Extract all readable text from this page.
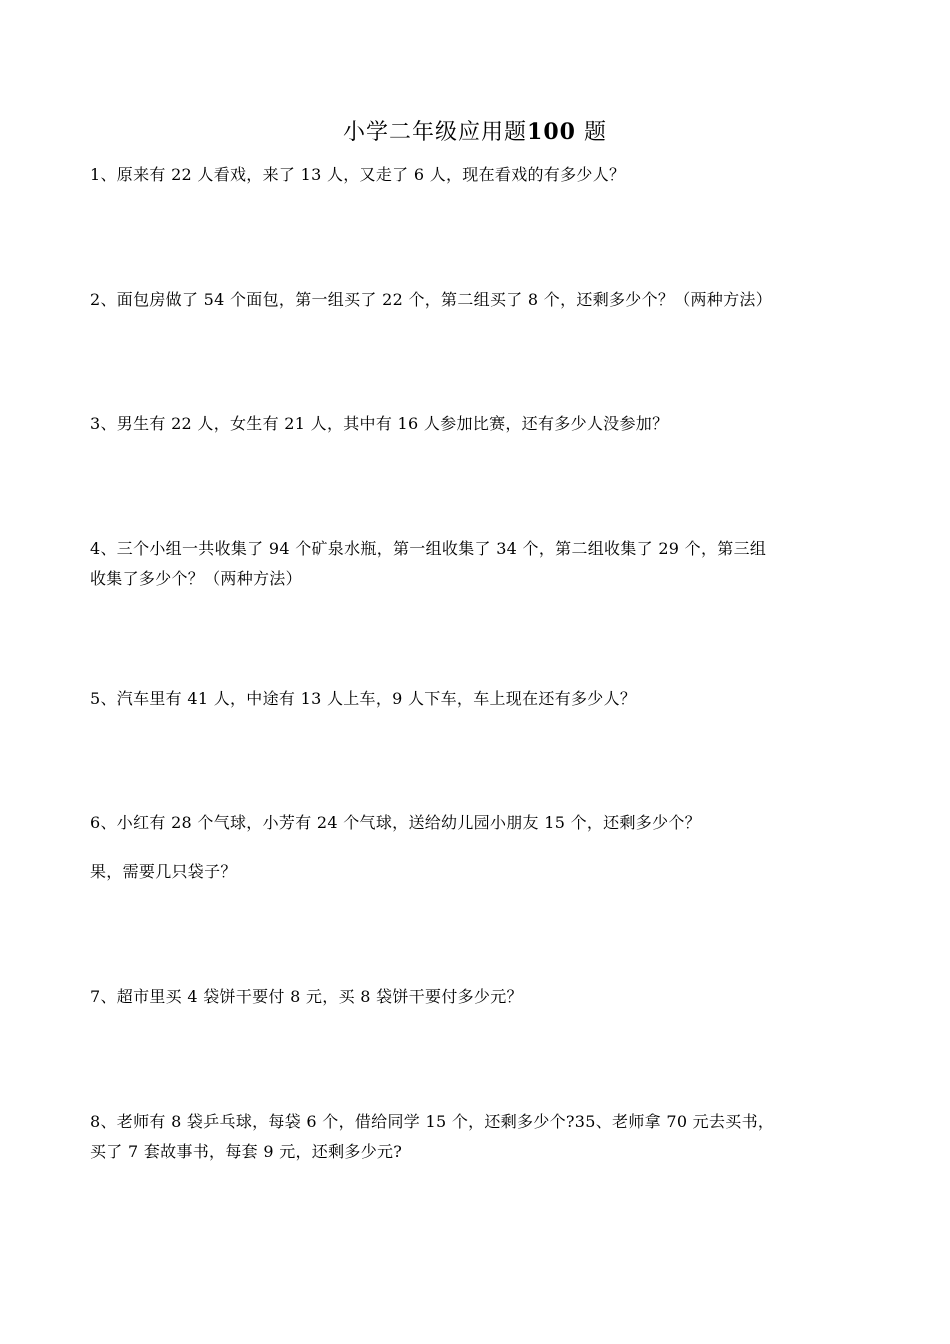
小学二年级应用题100 题
1、原来有 22 人看戏，来了 13 人，又走了 6 人，现在看戏的有多少人？
2、面包房做了 54 个面包，第一组买了 22 个，第二组买了 8 个，还剩多少个？（两种方法）
3、男生有 22 人，女生有 21 人，其中有 16 人参加比赛，还有多少人没参加？
4、三个小组一共收集了 94 个矿泉水瓶，第一组收集了 34 个，第二组收集了 29 个，第三组
收集了多少个？（两种方法）
5、汽车里有 41 人，中途有 13 人上车，9 人下车，车上现在还有多少人？
6、小红有 28 个气球，小芳有 24 个气球，送给幼儿园小朋友 15 个，还剩多少个？
果，需要几只袋子？
7、超市里买 4 袋饼干要付 8 元，买 8 袋饼干要付多少元？
8、老师有 8 袋乒乓球，每袋 6 个，借给同学 15 个，还剩多少个?35、老师拿 70 元去买书，
买了 7 套故事书，每套 9 元，还剩多少元?
